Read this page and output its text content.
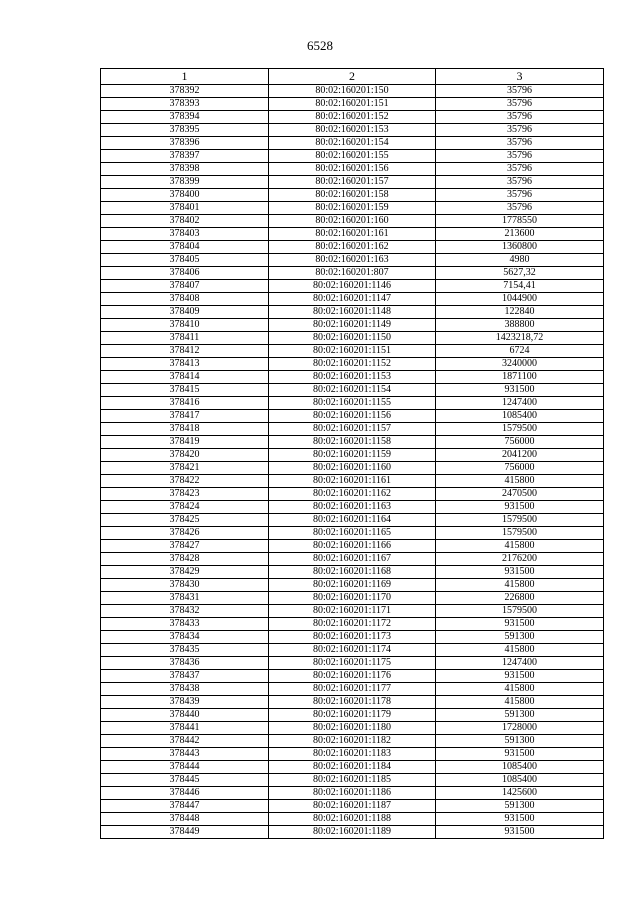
6528
1	2	3
378392	80:02:160201:150	35796
378393	80:02:160201:151	35796
378394	80:02:160201:152	35796
378395	80:02:160201:153	35796
378396	80:02:160201:154	35796
378397	80:02:160201:155	35796
378398	80:02:160201:156	35796
378399	80:02:160201:157	35796
378400	80:02:160201:158	35796
378401	80:02:160201:159	35796
378402	80:02:160201:160	1778550
378403	80:02:160201:161	213600
378404	80:02:160201:162	1360800
378405	80:02:160201:163	4980
378406	80:02:160201:807	5627,32
378407	80:02:160201:1146	7154,41
378408	80:02:160201:1147	1044900
378409	80:02:160201:1148	122840
378410	80:02:160201:1149	388800
378411	80:02:160201:1150	1423218,72
378412	80:02:160201:1151	6724
378413	80:02:160201:1152	3240000
378414	80:02:160201:1153	1871100
378415	80:02:160201:1154	931500
378416	80:02:160201:1155	1247400
378417	80:02:160201:1156	1085400
378418	80:02:160201:1157	1579500
378419	80:02:160201:1158	756000
378420	80:02:160201:1159	2041200
378421	80:02:160201:1160	756000
378422	80:02:160201:1161	415800
378423	80:02:160201:1162	2470500
378424	80:02:160201:1163	931500
378425	80:02:160201:1164	1579500
378426	80:02:160201:1165	1579500
378427	80:02:160201:1166	415800
378428	80:02:160201:1167	2176200
378429	80:02:160201:1168	931500
378430	80:02:160201:1169	415800
378431	80:02:160201:1170	226800
378432	80:02:160201:1171	1579500
378433	80:02:160201:1172	931500
378434	80:02:160201:1173	591300
378435	80:02:160201:1174	415800
378436	80:02:160201:1175	1247400
378437	80:02:160201:1176	931500
378438	80:02:160201:1177	415800
378439	80:02:160201:1178	415800
378440	80:02:160201:1179	591300
378441	80:02:160201:1180	1728000
378442	80:02:160201:1182	591300
378443	80:02:160201:1183	931500
378444	80:02:160201:1184	1085400
378445	80:02:160201:1185	1085400
378446	80:02:160201:1186	1425600
378447	80:02:160201:1187	591300
378448	80:02:160201:1188	931500
378449	80:02:160201:1189	931500
